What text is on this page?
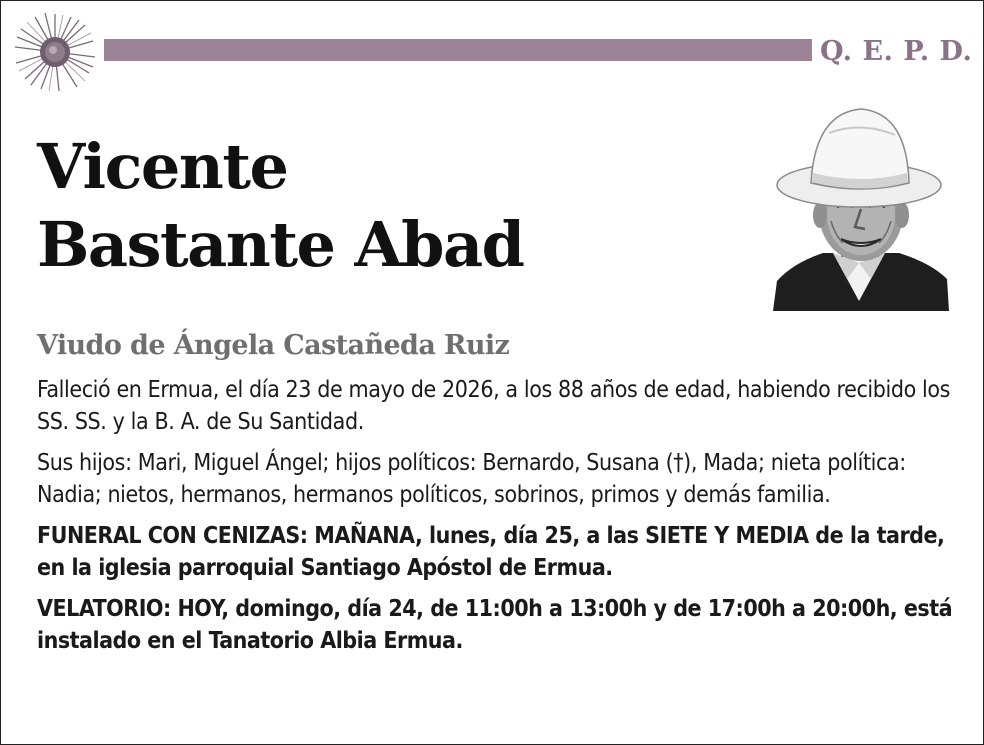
Q. E. P. D.
Vicente
Bastante Abad
Viudo de Ángela Castañeda Ruiz

Falleció en Ermua, el día 23 de mayo de 2026, a los 88 años de edad, habiendo recibido los SS. SS. y la B. A. de Su Santidad.

Sus hijos: Mari, Miguel Ángel; hijos políticos: Bernardo, Susana (†), Mada; nieta política: Nadia; nietos, hermanos, hermanos políticos, sobrinos, primos y demás familia.

FUNERAL CON CENIZAS: MAÑANA, lunes, día 25, a las SIETE Y MEDIA de la tarde, en la iglesia parroquial Santiago Apóstol de Ermua.

VELATORIO: HOY, domingo, día 24, de 11:00h a 13:00h y de 17:00h a 20:00h, está instalado en el Tanatorio Albia Ermua.
